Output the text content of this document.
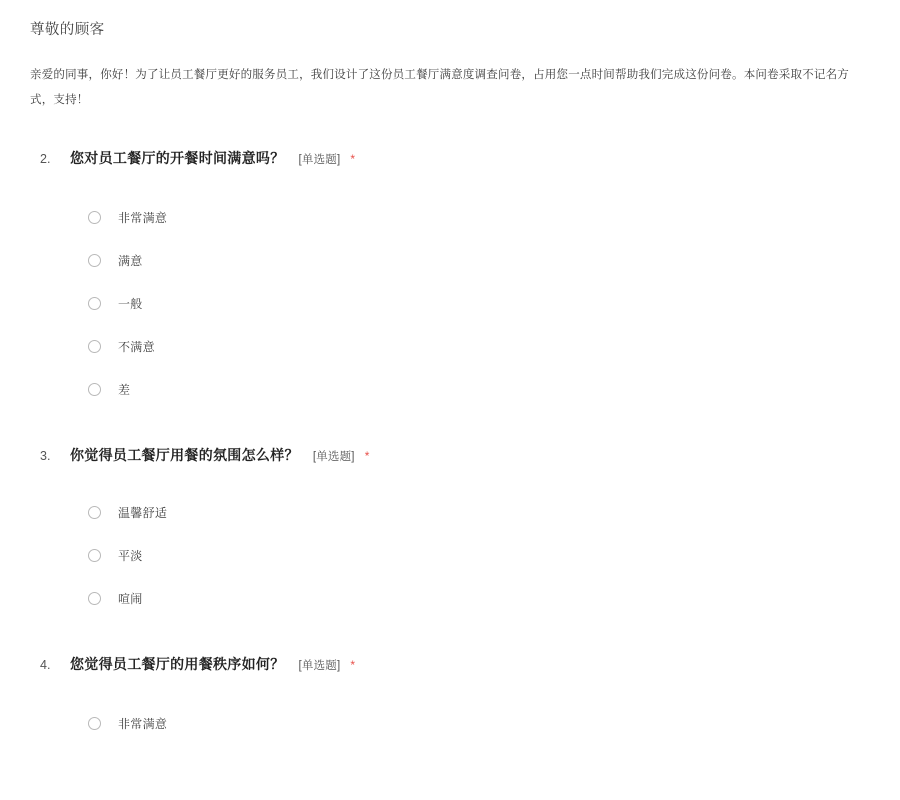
尊敬的顾客

亲爱的同事，你好！为了让员工餐厅更好的服务员工，我们设计了这份员工餐厅满意度调查问卷，占用您一点时间帮助我们完成这份问卷。本问卷采取不记名方式，支持！

2.	您对员工餐厅的开餐时间满意吗？ [单选题] *
非常满意
满意
一般
不满意
差
3.	你觉得员工餐厅用餐的氛围怎么样？ [单选题] *
温馨舒适
平淡
喧闹
4.	您觉得员工餐厅的用餐秩序如何？ [单选题] *
非常满意
